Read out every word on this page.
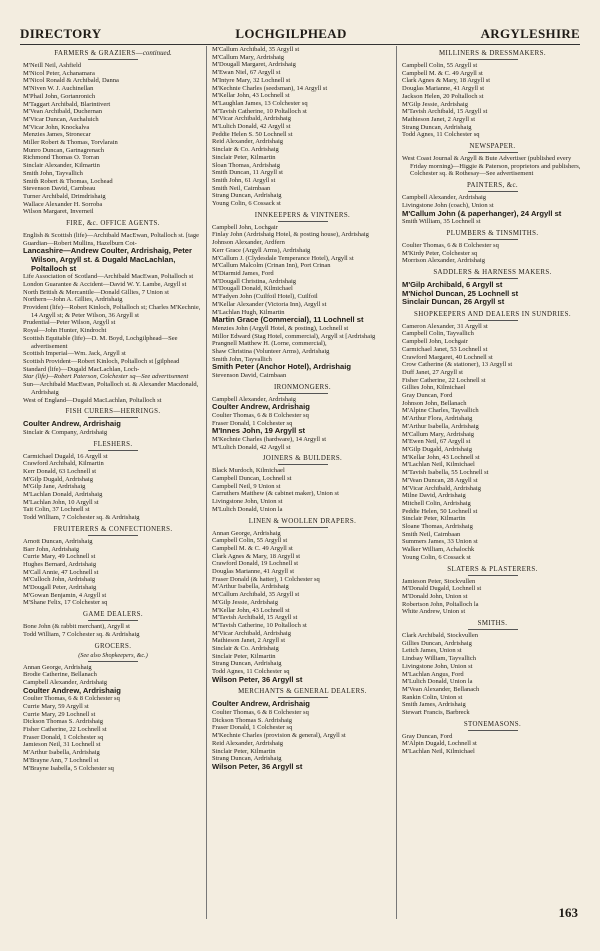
DIRECTORY	LOCHGILPHEAD	ARGYLESHIRE
FARMERS & GRAZIERS—continued.
M'Neill Neil, Ashfield
M'Nicol Peter, Achanamara
M'Nicol Ronald & Archibald, Danna
M'Niven W. J. Auchinellan
M'Phail John, Gortanronich
M'Taggart Archibald, Blarintivert
M'Vean Archibald, Duchernan
M'Vicar Duncan, Auchaluich
M'Vicar John, Knockalva
Menzies James, Stronecar
Miller Robert & Thomas, Torvlarain
Munro Duncan, Gartnagrenach
Richmond Thomas O. Torran
Sinclair Alexander, Kilmartin
Smith John, Tayvallich
Smith Robert & Thomas, Lochead
Stevenson David, Carnbeau
Turner Archibald, Drimdrishaig
Wallace Alexander H. Sorroba
Wilson Margaret, Inverneil
FIRE, &c. OFFICE AGENTS.
English & Scottish (life)—Archibald MacEwan, Poltalloch st. [tage
Guardian—Robert Mullins, Hazelburn Cot-
Lancashire—Andrew Coulter, Ardrishaig, Peter Wilson, Argyll st. & Dugald MacLachlan, Poltalloch st
Life Association of Scotland—Archibald MacEwan, Poltalloch st
London Guarantee & Accident—David W. Y. Lambe, Argyll st
North British & Mercantile—Donald Gillies, 7 Union st
Northern—John A. Gillies, Ardrishaig
Provident (life)—Robert Kinloch, Poltalloch st; Charles M'Kechnie, 14 Argyll st; & Peter Wilson, 36 Argyll st
Prudential—Peter Wilson, Argyll st
Royal—John Hunter, Kindrocht
Scottish Equitable (life)—D. M. Boyd, Lochgilphead—See advertisement
Scottish Imperial—Wm. Jack, Argyll st
Scottish Provident—Robert Kinloch, Poltalloch st [gilphead
Standard (life)—Dugald MacLachlan, Loch-
Star (life)—Robert Paterson, Colchester sq—See advertisement
Sun—Archibald MacEwan, Poltalloch st. & Alexander Macdonald, Ardrishaig
West of England—Dugald MacLachlan, Poltalloch st
FISH CURERS—HERRINGS.
Coulter Andrew, Ardrishaig
Sinclair & Company, Ardrishaig
FLESHERS.
Carmichael Dugald, 16 Argyll st
Crawford Archibald, Kilmartin
Kerr Donald, 63 Lochnell st
M'Gilp Dugald, Ardrishaig
M'Gilp Jane, Ardrishaig
M'Lachlan Donald, Ardrishaig
M'Lachlan John, 10 Argyll st
Tait Colin, 37 Lochnell st
Todd William, 7 Colchester sq. & Ardrishaig
FRUITERERS & CONFECTIONERS.
Arnott Duncan, Ardrishaig
Barr John, Ardrishaig
Currie Mary, 49 Lochnell st
Hughes Bernard, Ardrishaig
M'Call Annie, 47 Lochnell st
M'Culloch John, Ardrishaig
M'Dougall Peter, Ardrishaig
M'Gowan Benjamin, 4 Argyll st
M'Shane Felix, 17 Colchester sq
GAME DEALERS.
Bone John (& rabbit merchant), Argyll st
Todd William, 7 Colchester sq. & Ardrishaig
GROCERS.
(See also Shopkeepers, &c.)
Annan George, Ardrishaig
Brodie Catherine, Bellanach
Campbell Alexander, Ardrishaig
Coulter Andrew, Ardrishaig
Coulter Thomas, 6 & 8 Colchester sq
Currie Mary, 59 Argyll st
Currie Mary, 29 Lochnell st
Dickson Thomas S. Ardrishaig
Fisher Catherine, 22 Lochnell st
Fraser Donald, 1 Colchester sq
Jamieson Neil, 31 Lochnell st
M'Arthur Isabella, Ardrishaig
M'Brayne Ann, 7 Lochnell st
M'Brayne Isabella, 5 Colchester sq
M'Callum Archibald, 35 Argyll st
M'Callum Mary, Ardrishaig
M'Dougall Margaret, Ardrishaig
M'Ewan Niel, 67 Argyll st
M'Intyre Mary, 32 Lochnell st
M'Kechnie Charles (seedsman), 14 Argyll st
M'Kellar John, 43 Lochnell st
M'Laughlan James, 13 Colchester sq
M'Tavish Catherine, 10 Poltalloch st
M'Vicar Archibald, Ardrishaig
M'Lulich Donald, 42 Argyll st
Peddie Helen S. 50 Lochnell st
Reid Alexander, Ardrishaig
Sinclair & Co. Ardrishaig
Sinclair Peter, Kilmartin
Sloan Thomas, Ardrishaig
Smith Duncan, 11 Argyll st
Smith John, 61 Argyll st
Smith Neil, Cairnbaan
Strang Duncan, Ardrishaig
Young Colin, 6 Cossack st
INNKEEPERS & VINTNERS.
Campbell John, Lochgair
Finlay John (Ardrishaig Hotel, & posting house), Ardrishaig
Johnson Alexander, Ardfern
Kerr Grace (Argyll Arms), Ardrishaig
M'Callum J. (Clydesdale Temperance Hotel), Argyll st
M'Callum Malcolm (Crinan Inn), Port Crinan
M'Diarmid James, Ford
M'Dougall Christina, Ardrishaig
M'Dougall Donald, Kilmichael
M'Fadyen John (Cuilfoil Hotel), Cuilfoil
M'Kellar Alexander (Victoria Inn), Argyll st
M'Lachlan Hugh, Kilmartin
Martin Grace (Commercial), 11 Lochnell st
Menzies John (Argyll Hotel, & posting), Lochnell st
Millor Edward (Stag Hotel, commercial), Argyll st [Ardrishaig
Prangnell Matthew H. (Lorne, commercial),
Shaw Christina (Volunteer Arms), Ardrishaig
Smith John, Tayvallich
Smith Peter (Anchor Hotel), Ardrishaig
Stevenson David, Cairnbaan
IRONMONGERS.
Campbell Alexander, Ardrishaig
Coulter Andrew, Ardrishaig
Coulter Thomas, 6 & 8 Colchester sq
Fraser Donald, 1 Colchester sq
M'Innes John, 19 Argyll st
M'Kechnie Charles (hardware), 14 Argyll st
M'Lulich Donald, 42 Argyll st
JOINERS & BUILDERS.
Black Murdoch, Kilmichael
Campbell Duncan, Lochnell st
Campbell Neil, 9 Union st
Carruthers Matthew (& cabinet maker), Union st
Livingstone John, Union st
M'Lulich Donald, Union la
LINEN & WOOLLEN DRAPERS.
Annan George, Ardrishaig
Campbell Colin, 55 Argyll st
Campbell M. & C. 49 Argyll st
Clark Agnes & Mary, 18 Argyll st
Crawford Donald, 19 Lochnell st
Douglas Marianne, 41 Argyll st
Fraser Donald (& hatter), 1 Colchester sq
M'Arthur Isabella, Ardrishaig
M'Callum Archibald, 35 Argyll st
M'Gilp Jessie, Ardrishaig
M'Kellar John, 43 Lochnell st
M'Tavish Archibald, 15 Argyll st
M'Tavish Catherine, 10 Poltalloch st
M'Vicar Archibald, Ardrishaig
Mathieson Janet, 2 Argyll st
Sinclair & Co. Ardrishaig
Sinclair Peter, Kilmartin
Strang Duncan, Ardrishaig
Todd Agnes, 11 Colchester sq
Wilson Peter, 36 Argyll st
MERCHANTS & GENERAL DEALERS.
Coulter Andrew, Ardrishaig
Coulter Thomas, 6 & 8 Colchester sq
Dickson Thomas S. Ardrishaig
Fraser Donald, 1 Colchester sq
M'Kechnie Charles (provision & general), Argyll st
Reid Alexander, Ardrishaig
Sinclair Peter, Kilmartin
Strang Duncan, Ardrishaig
Wilson Peter, 36 Argyll st
MILLINERS & DRESSMAKERS.
Campbell Colin, 55 Argyll st
Campbell M. & C. 49 Argyll st
Clark Agnes & Mary, 18 Argyll st
Douglas Marianne, 41 Argyll st
Jackson Helen, 20 Poltalloch st
M'Gilp Jessie, Ardrishaig
M'Tavish Archibald, 15 Argyll st
Mathieson Janet, 2 Argyll st
Strang Duncan, Ardrishaig
Todd Agnes, 11 Colchester sq
NEWSPAPER.
West Coast Journal & Argyll & Bute Advertiser (published every Friday morning)—Higgie & Paterson, proprietors and publishers, Colchester sq. & Rothesay—See advertisement
PAINTERS, &c.
Campbell Alexander, Ardrishaig
Livingstone John (coach), Union st
M'Callum John (& paperhanger), 24 Argyll st
Smith William, 35 Lochnell st
PLUMBERS & TINSMITHS.
Coulter Thomas, 6 & 8 Colchester sq
M'Kirdy Peter, Colchester sq
Morrison Alexander, Ardrishaig
SADDLERS & HARNESS MAKERS.
M'Gilp Archibald, 6 Argyll st
M'Nichol Duncan, 25 Lochnell st
Sinclair Duncan, 26 Argyll st
SHOPKEEPERS AND DEALERS IN SUNDRIES.
Cameron Alexander, 31 Argyll st
Campbell Colin, Tayvallich
Campbell John, Lochgair
Carmichael Janet, 53 Lochnell st
Crawford Margaret, 40 Lochnell st
Crow Catherine (& stationer), 13 Argyll st
Duff Janet, 27 Argyll st
Fisher Catherine, 22 Lochnell st
Gillies John, Kilmichael
Gray Duncan, Ford
Johnson John, Bellanach
M'Alpine Charles, Tayvallich
M'Arthur Flora, Ardrishaig
M'Arthur Isabella, Ardrishaig
M'Callum Mary, Ardrishaig
M'Ewen Neil, 67 Argyll st
M'Gilp Dugald, Ardrishaig
M'Kellar John, 43 Lochnell st
M'Lachlan Neil, Kilmichael
M'Tavish Isabella, 55 Lochnell st
M'Vean Duncan, 28 Argyll st
M'Vicar Archibald, Ardrishaig
Milne David, Ardrishaig
Mitchell Colin, Ardrishaig
Peddie Helen, 50 Lochnell st
Sinclair Peter, Kilmartin
Sloane Thomas, Ardrishaig
Smith Neil, Cairnbaan
Summers James, 33 Union st
Walker William, Achalochk
Young Colin, 6 Cossack st
SLATERS & PLASTERERS.
Jamieson Peter, Stockvullen
M'Donald Dugald, Lochnell st
M'Donald John, Union st
Robertson John, Poltalloch la
White Andrew, Union st
SMITHS.
Clark Archibald, Stockvullen
Gillies Duncan, Ardrishaig
Leitch James, Union st
Lindsay William, Tayvallich
Livingstone John, Union st
M'Lachlan Angus, Ford
M'Lulich Donald, Union la
M'Vean Alexander, Bellanach
Rankin Colin, Union st
Smith James, Ardrishaig
Stewart Francis, Barbreck
STONEMASONS.
Gray Duncan, Ford
M'Alpin Dugald, Lochnell st
M'Lachlan Neil, Kilmichael
163
